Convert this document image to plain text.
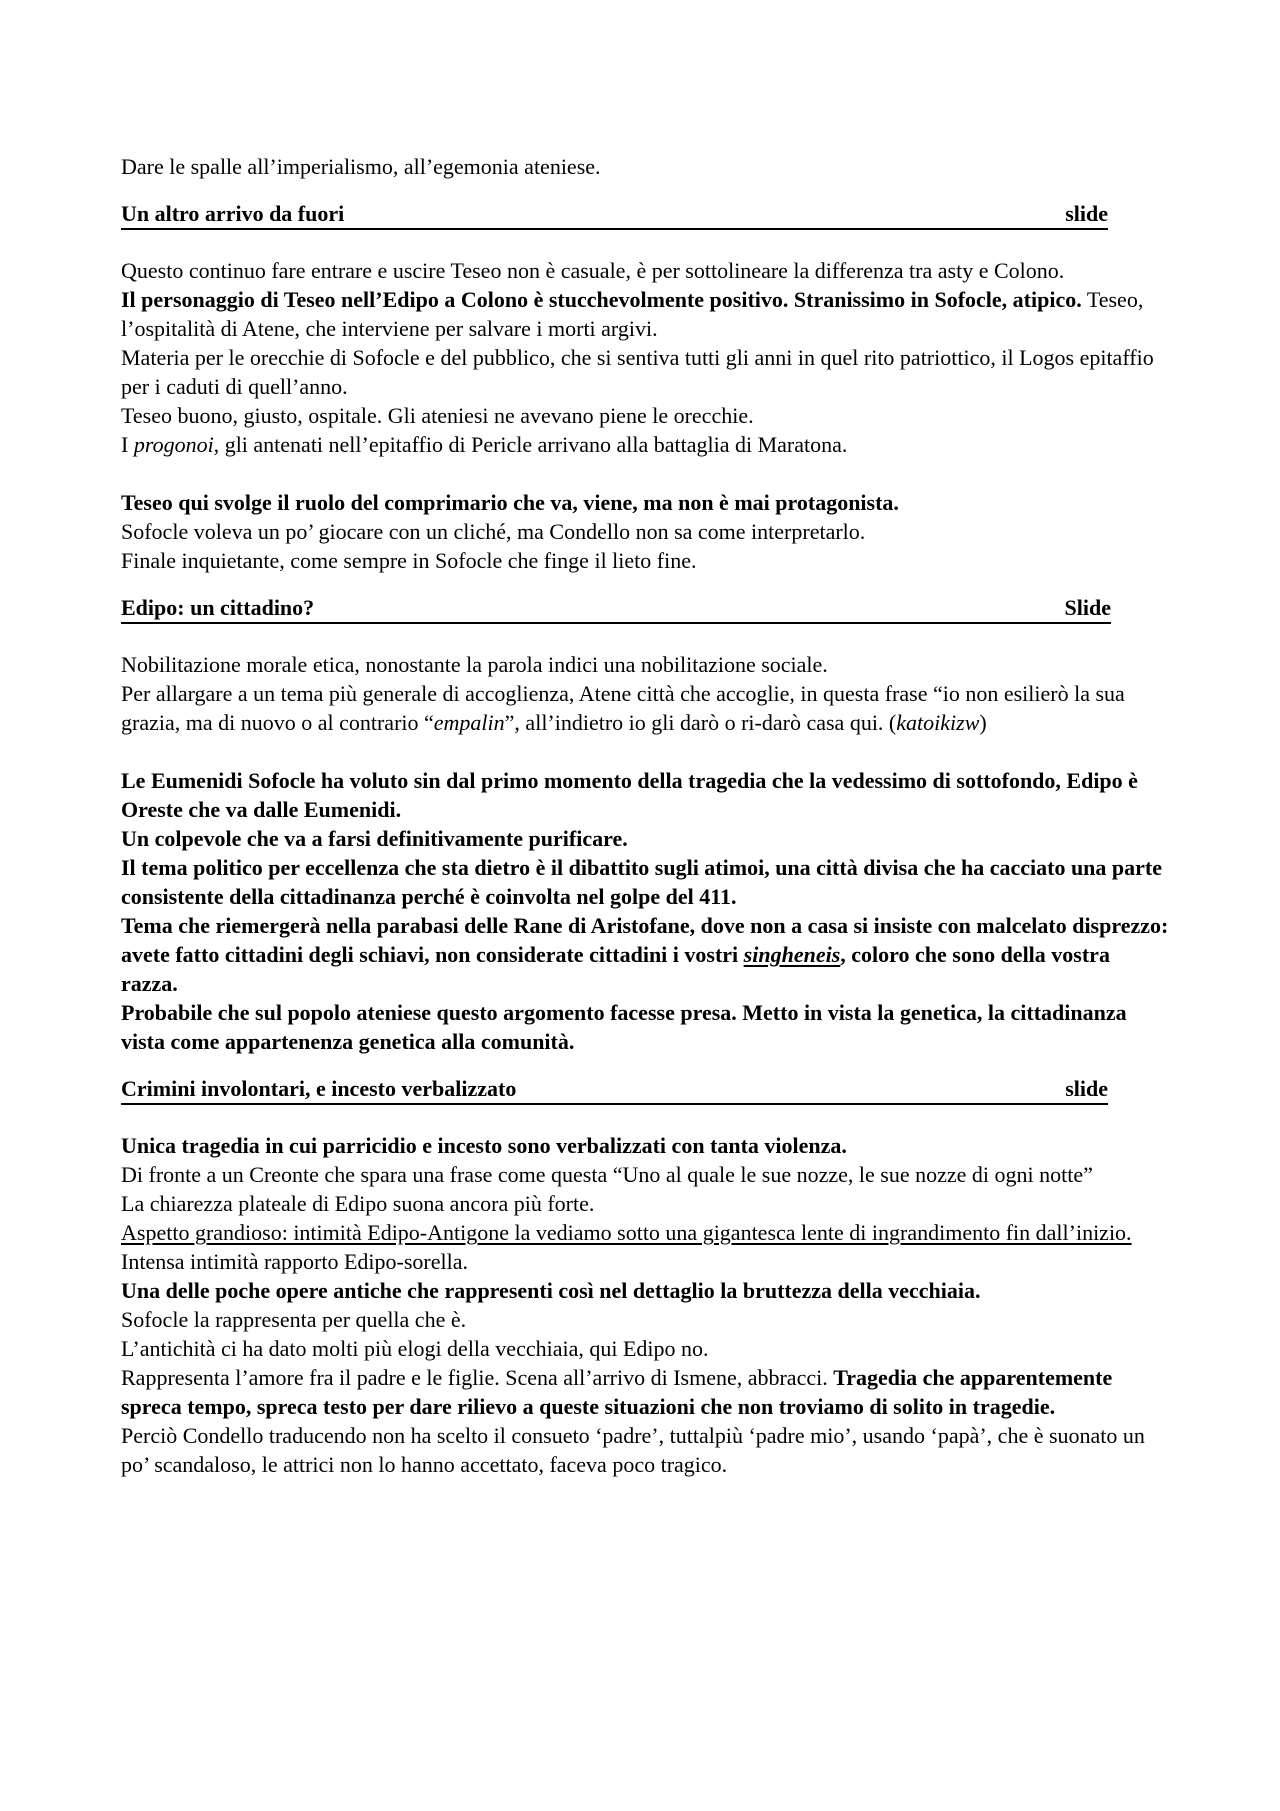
Dare le spalle all’imperialismo, all’egemonia ateniese.

Un altro arrivo da fuori	slide

Questo continuo fare entrare e uscire Teseo non è casuale, è per sottolineare la differenza tra asty e Colono.

Il personaggio di Teseo nell’Edipo a Colono è stucchevolmente positivo. Stranissimo in Sofocle, atipico. Teseo, l’ospitalità di Atene, che interviene per salvare i morti argivi.

Materia per le orecchie di Sofocle e del pubblico, che si sentiva tutti gli anni in quel rito patriottico, il Logos epitaffio per i caduti di quell’anno.

Teseo buono, giusto, ospitale. Gli ateniesi ne avevano piene le orecchie.

I progonoi, gli antenati nell’epitaffio di Pericle arrivano alla battaglia di Maratona.

Teseo qui svolge il ruolo del comprimario che va, viene, ma non è mai protagonista.

Sofocle voleva un po’ giocare con un cliché, ma Condello non sa come interpretarlo.

Finale inquietante, come sempre in Sofocle che finge il lieto fine.

Edipo: un cittadino?	Slide

Nobilitazione morale etica, nonostante la parola indici una nobilitazione sociale.

Per allargare a un tema più generale di accoglienza, Atene città che accoglie, in questa frase “io non esilierò la sua grazia, ma di nuovo o al contrario “empalin”, all’indietro io gli darò o ri-darò casa qui. (katoikizw)

Le Eumenidi Sofocle ha voluto sin dal primo momento della tragedia che la vedessimo di sottofondo, Edipo è Oreste che va dalle Eumenidi.

Un colpevole che va a farsi definitivamente purificare.

Il tema politico per eccellenza che sta dietro è il dibattito sugli atimoi, una città divisa che ha cacciato una parte consistente della cittadinanza perché è coinvolta nel golpe del 411.

Tema che riemergerà nella parabasi delle Rane di Aristofane, dove non a casa si insiste con malcelato disprezzo: avete fatto cittadini degli schiavi, non considerate cittadini i vostri singheneis, coloro che sono della vostra razza.

Probabile che sul popolo ateniese questo argomento facesse presa. Metto in vista la genetica, la cittadinanza vista come appartenenza genetica alla comunità.

Crimini involontari, e incesto verbalizzato	slide

Unica tragedia in cui parricidio e incesto sono verbalizzati con tanta violenza.

Di fronte a un Creonte che spara una frase come questa “Uno al quale le sue nozze, le sue nozze di ogni notte”

La chiarezza plateale di Edipo suona ancora più forte.

Aspetto grandioso: intimità Edipo-Antigone la vediamo sotto una gigantesca lente di ingrandimento fin dall’inizio.

Intensa intimità rapporto Edipo-sorella.

Una delle poche opere antiche che rappresenti così nel dettaglio la bruttezza della vecchiaia.

Sofocle la rappresenta per quella che è.

L’antichità ci ha dato molti più elogi della vecchiaia, qui Edipo no.

Rappresenta l’amore fra il padre e le figlie. Scena all’arrivo di Ismene, abbracci. Tragedia che apparentemente spreca tempo, spreca testo per dare rilievo a queste situazioni che non troviamo di solito in tragedie.

Perciò Condello traducendo non ha scelto il consueto ‘padre’, tuttalpiù ‘padre mio’, usando ‘papà’, che è suonato un po’ scandaloso, le attrici non lo hanno accettato, faceva poco tragico.
